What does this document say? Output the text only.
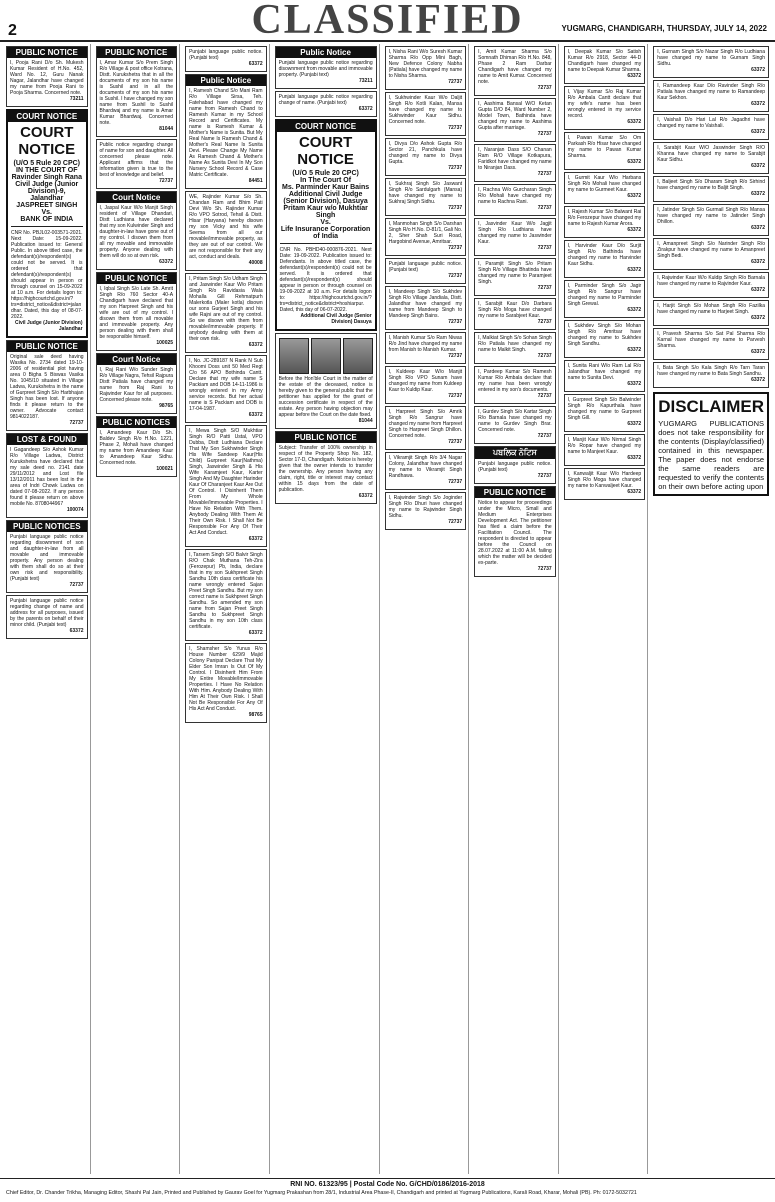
2	CLASSIFIED	YUGMARG, CHANDIGARH, THURSDAY, JULY 14, 2022
PUBLIC NOTICE
I, Pooja Rani D/o Sh. Mukesh Kumar Resident of H.No. 452, Ward No. 12, Guru Nanak Nagar, Jalandhar have changed my name from Pooja Rani to Pooja Sharma. Concerned note.
73211
COURT NOTICE
COURT NOTICE
(U/O 5 Rule 20 CPC)
IN THE COURT OF
Ravinder Singh Rana
Civil Judge (Junior Division)-9, Jalandhar
JASPREET SINGH
Vs.
BANK OF INDIA
CNR No. PBJL02-003571-2021. Next Date: 15-09-2022. Publication issued to: General Public. In above titled case, the defendant(s)/respondent(s) could not be served. It is ordered that defendant(s)/respondent(s) should appear in person or through counsel on 15-09-2022 at 10 a.m. For details logon to: https://highcourtchd.gov.in/?trs=district_notice&district=jalandhar. Dated, this day of 08-07-2022.
Civil Judge (Junior Division) Jalandhar
PUBLIC NOTICE
Original sale deed having Wasika No. 2734 dated 19-10-2006 of residential plot having area 0 Bigha 5 Biswas Vasika No. 1045/10 situated in Village Ladwa, Kurukshetra in the name of Gurpreet Singh S/o Harbhajan Singh has been lost. If anyone finds it please return to the owner. Advocate contact 9814022187.
72737
LOST & FOUND
I Gagandeep S/o Ashok Kumar R/o Village Ladwa, District Kurukshetra have declared that my sale deed no. 2141 date 29/11/2012 and Lost file 13/12/2011 has been lost in the area of Indri Chowk Ladwa on dated 07-08-2022. If any person found it please return on above mobile No. 8708044967
100074
PUBLIC NOTICES
Punjabi language public notice regarding disownment of son and daughter-in-law from all movable and immovable property. Any person dealing with them shall do so at their own risk and responsibility. (Punjabi text)
72737
Punjabi language public notice regarding change of name and address for all purposes, issued by the parents on behalf of their minor child. (Punjabi text)
63372
PUBLIC NOTICE
I, Amar Kumar S/o Prem Singh R/o Village & post office Kotrana, Distt. Kurukshetra that in all the documents of my son his name is Sushil and in all the documents of my son his name is Sushil. I have changed my son name from Sushil to Sushil Bhardwaj and my name is Amar Kumar Bhardwaj. Concerned note.
81044
Public notice regarding change of name for son and daughter. All concerned please note. Applicant affirms that the information given is true to the best of knowledge and belief.
72737
Court Notice
I, Jaspal Kaur W/o Manjit Singh resident of Village Dhandari, Distt Ludhiana have declared that my son Kulwinder Singh and daughter-in-law have gone out of my control. I disown them from all my movable and immovable property. Anyone dealing with them will do so at own risk.
63372
PUBLIC NOTICE
I, Iqbal Singh S/o Late Sh. Amrit Singh R/o 760 Sector 40-A Chandigarh have declared that my son Harpreet Singh and his wife are out of my control. I disown them from all movable and immovable property. Any person dealing with them shall be responsible himself.
100025
Court Notice
I, Raj Rani W/o Sunder Singh R/o Village Nagra, Tehsil Rajpura Distt Patiala have changed my name from Raj Rani to Rajwinder Kaur for all purposes. Concerned please note.
98765
PUBLIC NOTICES
I, Amandeep Kaur D/o Sh. Baldev Singh R/o H.No. 1221, Phase 2, Mohali have changed my name from Amandeep Kaur to Amandeep Kaur Sidhu. Concerned note.
100021
Punjabi language public notice. (Punjabi text)
63372
Public Notice
I, Ramesh Chand S/o Mani Ram R/o Village Sirsa, Teh. Fatehabad have changed my name from Ramesh Chand to Ramesh Kumar in my School Record and Certificates. My name is Ramesh Kumar & Mother's Name is Sunita. But My Real Name Is Ramesh Chand & Mother's Real Name Is Sunita Devi. Please Change My Name As Ramesh Chand & Mother's Name As Sunita Devi In My Son Nursery School Record & Case Matric Certificate.
84451
WE, Rajinder Kumar S/o Sh. Chandan Ram and Bhim Pati Devi W/o Sh. Rajinder Kumar R/o VPO Sotrod, Tehsil & Distt. Hisar (Haryana) hereby disown my son Vicky and his wife Seema from all our movable/immovable property, as they are out of our control. We are not responsible for their any act, conduct and deals.
40008
I, Pritam Singh S/o Udham Singh and Jaswinder Kaur W/o Pritam Singh R/o Ravidasia Wala Mohalla Gill Rehmatpurh Malerkotla (Maler kotla) disown our sons Gurjeet Singh and his wife Rajni are out of my control. So we disown with them from movable/immovable property. If anybody dealing with them at their own risk.
63372
I, No. JC-289187 N Rank N Sub Khoomi Doss unit 50 Med Regt C/o 56 APO Bothinda Cantt. Declare that my wife name S Packiam and DOB 14-11-1986 is wrongly entered in my Army service records. But her actual name is S Packiam and DOB is 17-04-1987.
63372
I, Mewa Singh S/O Mukhtiar Singh R/O Patti Ustal, VPO Dubba, Distt Ludhiana Declare That My Son Sukhwinder Singh His Wife Sandeep Kaur(His Child) Gurpreet Kaur(Nathma) Singh, Jaswinder Singh & His Wife Karamjeet Kaur, Karter Singh And My Daughter Harinder Kaur Of Charanjeet Kaur Are Out Of Control. I Disinherit Them From My Whole Movable/Immovable Properties. I Have No Relation With Them. Anybody Dealing With Them At Their Own Risk. I Shall Not Be Responsible For Any Of Their Act And Conduct.
63372
I, Tarsem Singh S/O Balvir Singh R/O Chak Muthana Teh-Zira (Ferozepur) Pb, India, declare that in my son Sukhpreet Singh Sandhu 10th class certificate his name wrongly entered Sajan Preet Singh Sandhu. But my son correct name is Sukhpreet Singh Sandhu. So amended my son name from Sajan Preet Singh Sandhu to Sukhpreet Singh Sandhu in my son 10th class certificate.
63372
I, Shamsher S/o Yunus R/o House Number 629/9 Majid Colony Panipat Declare That My Elder Son Imran Is Out Of My Control. I Disinherit Him From My Entire Movable/Immovable Properties. I Have No Relation With Him. Anybody Dealing With Him At Their Own Risk. I Shall Not Be Responsible For Any Of His Act And Conduct.
98765
Public Notice
Punjabi language public notice regarding disownment from movable and immovable property. (Punjabi text)
73211
Punjabi language public notice regarding change of name. (Punjabi text)
63372
COURT NOTICE
COURT NOTICE
(U/O 5 Rule 20 CPC)
In The Court Of
Ms. Parminder Kaur Bains
Additional Civil Judge (Senior Division), Dasuya
Pritam Kaur w/o Mukhtiar Singh
Vs.
Life Insurance Corporation of India
CNR No. PBHD40-000876-2021. Next Date: 19-09-2022. Publication issued to: Defendants. In above titled case, the defendant(s)/respondent(s) could not be served. It is ordered that defendant(s)/respondent(s) should appear in person or through counsel on 19-09-2022 at 10 a.m. For details logon to: https://highcourtchd.gov.in/?trs=district_notice&district=hoshiarpur. Dated, this day of 06-07-2022.
Additional Civil Judge (Senior Division) Dasuya
Before the Hon'ble Court in the matter of the estate of the deceased, notice is hereby given to the general public that the petitioner has applied for the grant of succession certificate in respect of the estate. Any person having objection may appear before the Court on the date fixed.
81044
PUBLIC NOTICE
Subject: Transfer of 100% ownership in respect of the Property Shop No. 182, Sector 17-D, Chandigarh. Notice is hereby given that the owner intends to transfer the ownership. Any person having any claim, right, title or interest may contact within 15 days from the date of publication.
63372
I, Nisha Rani W/o Suresh Kumar Sharma R/o Opp Mini Bagh, New Defence Colony Nabha (Patiala) have changed my name to Nisha Sharma.
72737
I, Sukhwinder Kaur W/o Daljit Singh R/o Kotli Kalan, Mansa have changed my name to Sukhwinder Kaur Sidhu. Concerned note.
72737
I, Divya D/o Ashok Gupta R/o Sector 21, Panchkula have changed my name to Divya Gupta.
72737
I, Sukhraj Singh S/o Jaswant Singh R/o Sardulgarh (Mansa) have changed my name to Sukhraj Singh Sidhu.
72737
I, Manmohan Singh S/o Darshan Singh R/o H.No. D-81/1, Gali No. 2, Sher Shah Suri Road, Hargobind Avenue, Amritsar.
72737
Punjabi language public notice. (Punjabi text)
72737
I, Mandeep Singh S/o Sukhdev Singh R/o Village Jandiala, Distt. Jalandhar have changed my name from Mandeep Singh to Mandeep Singh Bains.
72737
I, Manish Kumar S/o Ram Niwas R/o Jind have changed my name from Manish to Manish Kumar.
72737
I, Kuldeep Kaur W/o Manjit Singh R/o VPO Sunam have changed my name from Kuldeep Kaur to Kuldip Kaur.
72737
I, Harpreet Singh S/o Amrik Singh R/o Sangrur have changed my name from Harpreet Singh to Harpreet Singh Dhillon. Concerned note.
72737
I, Vikramjit Singh R/o 3/4 Nagar Colony, Jalandhar have changed my name to Vikramjit Singh Randhawa.
72737
I, Rajwinder Singh S/o Joginder Singh R/o Dhuri have changed my name to Rajwinder Singh Sidhu.
72737
I, Amit Kumar Sharma S/o Somnath Dhiman R/o H.No. 848, Phase 2 Ram Darbar Chandigarh have changed my name to Amit Kumar. Concerned note.
72737
I, Aashima Bansal W/O Ketan Gupta D/O 84, Ward Number 2, Model Town, Bathinda have changed my name to Aashima Gupta after marriage.
72737
I, Naranjan Dass S/O Chanan Ram R/O Village Kotkapura, Faridkot have changed my name to Niranjan Dass.
72737
I, Rachna W/o Gurcharan Singh R/o Mohali have changed my name to Rachna Rani.
72737
I, Jasvinder Kaur W/o Jagjit Singh R/o Ludhiana have changed my name to Jaswinder Kaur.
72737
I, Paramjit Singh S/o Pritam Singh R/o Village Bhatinda have changed my name to Paramjeet Singh.
72737
I, Sarabjit Kaur D/o Darbara Singh R/o Moga have changed my name to Sarabjeet Kaur.
72737
I, Malkiat Singh S/o Sohan Singh R/o Patiala have changed my name to Malkit Singh.
72737
I, Pardeep Kumar S/o Ramesh Kumar R/o Ambala declare that my name has been wrongly entered in my son's documents.
72737
I, Gurdev Singh S/o Kartar Singh R/o Barnala have changed my name to Gurdev Singh Brar. Concerned note.
72737
ਪਬਲਿਕ ਨੋਟਿਸ
Punjabi language public notice. (Punjabi text)
72737
PUBLIC NOTICE
Notice to appear for proceedings under the Micro, Small and Medium Enterprises Development Act. The petitioner has filed a claim before the Facilitation Council. The respondent is directed to appear before the Council on 28.07.2022 at 11:00 A.M. failing which the matter will be decided ex-parte.
72737
I, Deepak Kumar S/o Satish Kumar R/o 2918, Sector 44-D Chandigarh have changed my name to Deepak Kumar Sharma.
63372
I, Vijay Kumar S/o Raj Kumar R/o Ambala Cantt declare that my wife's name has been wrongly entered in my service record.
63372
I, Pawan Kumar S/o Om Parkash R/o Hisar have changed my name to Pawan Kumar Sharma.
63372
I, Gurmit Kaur W/o Harbans Singh R/o Mohali have changed my name to Gurmeet Kaur.
63372
I, Rajesh Kumar S/o Balwant Rai R/o Ferozepur have changed my name to Rajesh Kumar Arora.
63372
I, Harvinder Kaur D/o Surjit Singh R/o Bathinda have changed my name to Harvinder Kaur Sidhu.
63372
I, Parminder Singh S/o Jagir Singh R/o Sangrur have changed my name to Parminder Singh Grewal.
63372
I, Sukhdev Singh S/o Mohan Singh R/o Amritsar have changed my name to Sukhdev Singh Sandhu.
63372
I, Sunita Rani W/o Ram Lal R/o Jalandhar have changed my name to Sunita Devi.
63372
I, Gurpreet Singh S/o Balwinder Singh R/o Kapurthala have changed my name to Gurpreet Singh Gill.
63372
I, Manjit Kaur W/o Nirmal Singh R/o Ropar have changed my name to Manjeet Kaur.
63372
I, Kanwaljit Kaur W/o Hardeep Singh R/o Moga have changed my name to Kanwaljeet Kaur.
63372
I, Gurnam Singh S/o Nazar Singh R/o Ludhiana have changed my name to Gurnam Singh Sidhu.
63372
I, Ramandeep Kaur D/o Ravinder Singh R/o Patiala have changed my name to Ramandeep Kaur Sekhon.
63372
I, Vaishali D/o Hari Lal R/o Jagadhri have changed my name to Vaishali.
63372
I, Sarabjit Kaur W/O Jaswinder Singh R/O Khanna have changed my name to Sarabjit Kaur Sidhu.
63372
I, Baljeet Singh S/o Dharam Singh R/o Sirhind have changed my name to Baljit Singh.
63372
I, Jatinder Singh S/o Gurmail Singh R/o Mansa have changed my name to Jatinder Singh Dhillon.
63372
I, Amanpreet Singh S/o Narinder Singh R/o Zirakpur have changed my name to Amanpreet Singh Bedi.
63372
I, Rajwinder Kaur W/o Kuldip Singh R/o Barnala have changed my name to Rajvinder Kaur.
63372
I, Harjit Singh S/o Mohan Singh R/o Fazilka have changed my name to Harjeet Singh.
63372
I, Pravesh Sharma S/o Sat Pal Sharma R/o Karnal have changed my name to Parvesh Sharma.
63372
I, Bata Singh S/o Kala Singh R/o Tarn Taran have changed my name to Bata Singh Sandhu.
63372
DISCLAIMER
YUGMARG PUBLICATIONS does not take responsibility for the contents (Display/classified) contained in this newspaper. The paper does not endorse the same readers are requested to verify the contents on their own before acting upon
RNI NO. 61323/95 | Postal Code No. G/CHD/0186/2016-2018
Chief Editor, Dr. Chander Trikha, Managing Editor, Shashi Pal Jain, Printed and Published by Gaurav Goel for Yugmarg Prakashan from 28/1, Industrial Area Phase-II, Chandigarh and printed at Yugmarg Publications, Karali Road, Kharar, Mohali (PB). Ph: 0172-5032721
